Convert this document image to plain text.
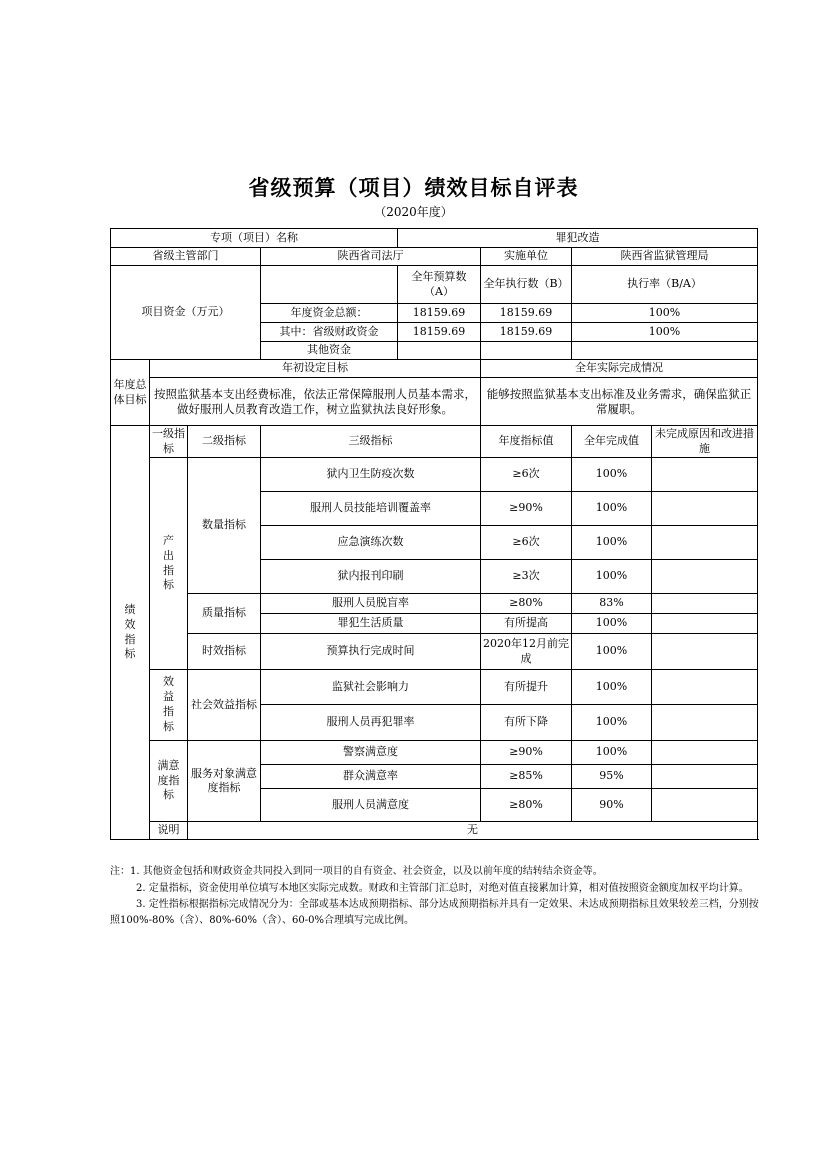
省级预算（项目）绩效目标自评表
（2020年度）
专项（项目）名称				罪犯改造			
省级主管部门			陕西省司法厅		实施单位	陕西省监狱管理局	
项目资金（万元）				全年预算数（A）	全年执行数（B）	执行率（B/A）	
			年度资金总额：	18159.69	18159.69	100%	
			其中：省级财政资金	18159.69	18159.69	100%	
			其他资金				
年度总体目标	年初设定目标				全年实际完成情况		
	按照监狱基本支出经费标准，依法正常保障服刑人员基本需求，做好服刑人员教育改造工作，树立监狱执法良好形象。				能够按照监狱基本支出标准及业务需求，确保监狱正常履职。		
绩效指标	一级指标	二级指标	三级指标		年度指标值	全年完成值	未完成原因和改进措施
	产出指标	数量指标	狱内卫生防疫次数		≥6次	100%	
			服刑人员技能培训覆盖率		≥90%	100%	
			应急演练次数		≥6次	100%	
			狱内报刊印刷		≥3次	100%	
		质量指标	服刑人员脱盲率		≥80%	83%	
			罪犯生活质量		有所提高	100%	
		时效指标	预算执行完成时间		2020年12月前完成	100%	
	效益指标	社会效益指标	监狱社会影响力		有所提升	100%	
			服刑人员再犯罪率		有所下降	100%	
	满意度指标	服务对象满意度指标	警察满意度		≥90%	100%	
			群众满意率		≥85%	95%	
			服刑人员满意度		≥80%	90%	
	说明	无					

注：1. 其他资金包括和财政资金共同投入到同一项目的自有资金、社会资金，以及以前年度的结转结余资金等。

2. 定量指标，资金使用单位填写本地区实际完成数。财政和主管部门汇总时，对绝对值直接累加计算，相对值按照资金额度加权平均计算。

3. 定性指标根据指标完成情况分为：全部或基本达成预期指标、部分达成预期指标并具有一定效果、未达成预期指标且效果较差三档，分别按照100%-80%（含）、80%-60%（含）、60-0%合理填写完成比例。
